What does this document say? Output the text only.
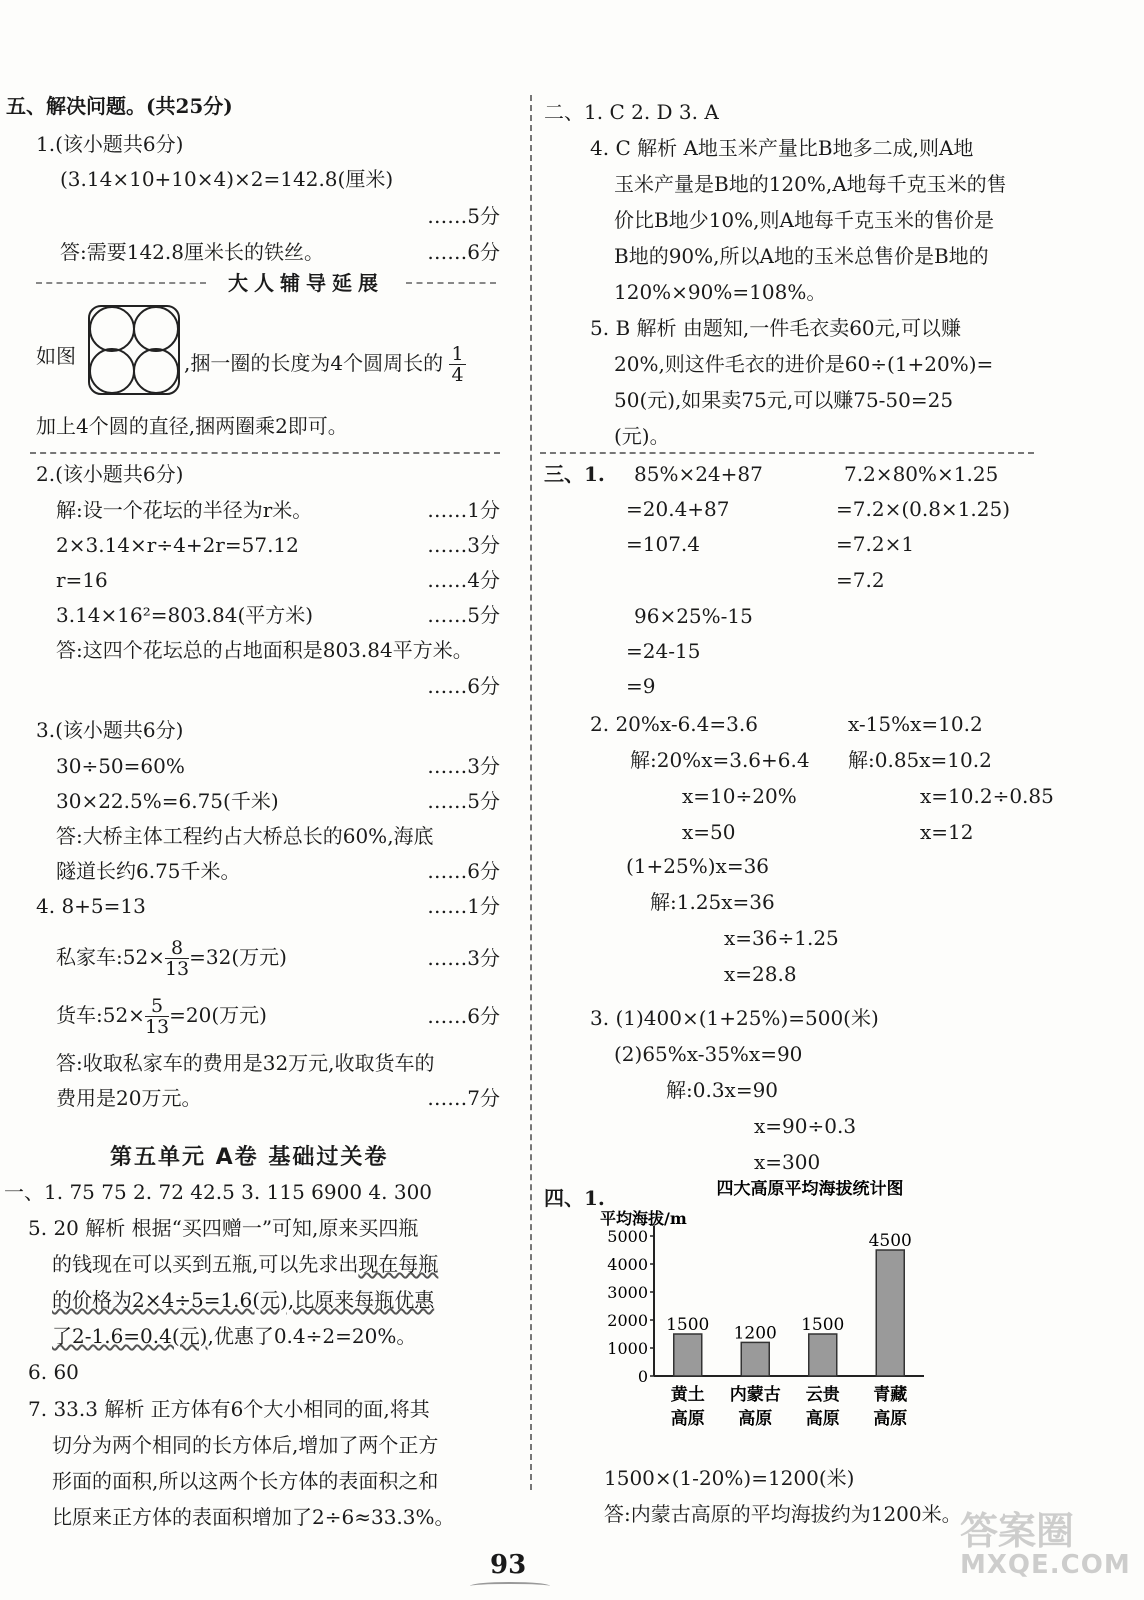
五、解决问题。(共25分)
1.(该小题共6分)
(3.14×10+10×4)×2=142.8(厘米)
……5分
答:需要142.8厘米长的铁丝。	……6分
大人辅导延展
如图	,捆一圈的长度为4个圆周长的 $\frac{1}{4}$
加上4个圆的直径,捆两圈乘2即可。
2.(该小题共6分)
解:设一个花坛的半径为r米。	……1分
2×3.14×r÷4+2r=57.12	……3分
r=16	……4分
3.14×16²=803.84(平方米)	……5分
答:这四个花坛总的占地面积是803.84平方米。
……6分
3.(该小题共6分)
30÷50=60%	……3分
30×22.5%=6.75(千米)	……5分
答:大桥主体工程约占大桥总长的60%,海底
隧道长约6.75千米。	……6分
4. 8+5=13	……1分
私家车:52× $\frac{8}{13} =32$(万元)	……3分
货车:52× $\frac{5}{13} =20$(万元)	……6分
答:收取私家车的费用是32万元,收取货车的
费用是20万元。	……7分
第五单元 A卷 基础过关卷
一、1. 75 75 2. 72 42.5 3. 115 6900 4. 300
5. 20 解析 根据“买四赠一”可知,原来买四瓶
的钱现在可以买到五瓶,可以先求出现在每瓶
的价格为2×4÷5=1.6(元),比原来每瓶优惠
了2-1.6=0.4(元),优惠了0.4÷2=20%。
6. 60
7. 33.3 解析 正方体有6个大小相同的面,将其
切分为两个相同的长方体后,增加了两个正方
形面的面积,所以这两个长方体的表面积之和
比原来正方体的表面积增加了2÷6≈33.3%。
二、1. C 2. D 3. A
4. C 解析 A地玉米产量比B地多二成,则A地
玉米产量是B地的120%,A地每千克玉米的售
价比B地少10%,则A地每千克玉米的售价是
B地的90%,所以A地的玉米总售价是B地的
120%×90%=108%。
5. B 解析 由题知,一件毛衣卖60元,可以赚
20%,则这件毛衣的进价是60÷(1+20%)=
50(元),如果卖75元,可以赚75-50=25
(元)。
三、1. 85%×24+87
=20.4+87
=107.4
7.2×80%×1.25
=7.2×(0.8×1.25)
=7.2×1
=7.2
96×25%-15
=24-15
=9
2. 20%x-6.4=3.6
解:20%x=3.6+6.4
x=10÷20%
x=50
x-15%x=10.2
解:0.85x=10.2
x=10.2÷0.85
x=12
(1+25%)x=36
解:1.25x=36
x=36÷1.25
x=28.8
3. (1)400×(1+25%)=500(米)
(2)65%x-35%x=90
解:0.3x=90
x=90÷0.3
x=300
四、1.	四大高原平均海拔统计图
平均海拔/m
0
1000
2000
3000
4000
5000
1500
黄土
高原
1200
内蒙古
高原
1500
云贵
高原
4500
青藏
高原
1500×(1-20%)=1200(米)
答:内蒙古高原的平均海拔约为1200米。
93
答案圈
MXQE.COM
